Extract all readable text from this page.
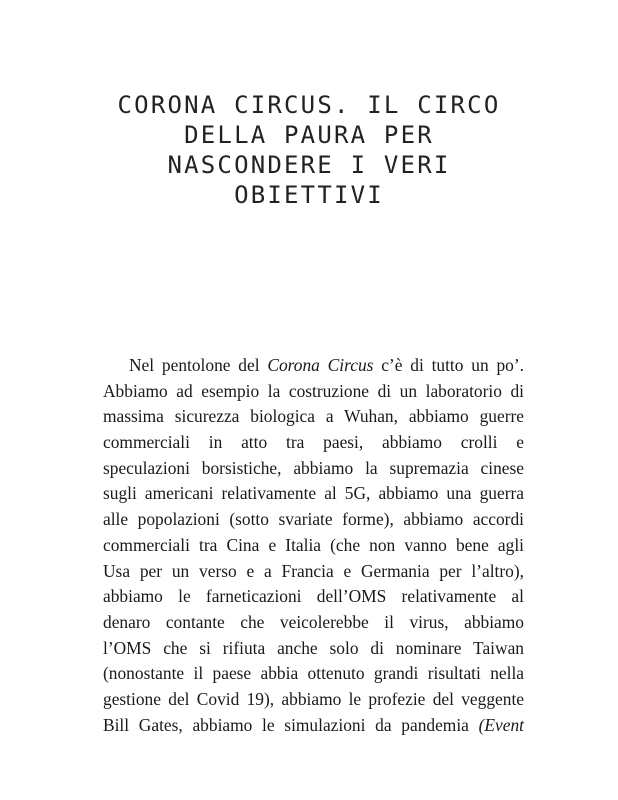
CORONA CIRCUS. IL CIRCO
DELLA PAURA PER
NASCONDERE I VERI
OBIETTIVI
Nel pentolone del Corona Circus c’è di tutto un po’.
Abbiamo ad esempio la costruzione di un laboratorio di
massima sicurezza biologica a Wuhan, abbiamo guerre
commerciali in atto tra paesi, abbiamo crolli e
speculazioni borsistiche, abbiamo la supremazia cinese
sugli americani relativamente al 5G, abbiamo una guerra
alle popolazioni (sotto svariate forme), abbiamo accordi
commerciali tra Cina e Italia (che non vanno bene agli
Usa per un verso e a Francia e Germania per l’altro),
abbiamo le farneticazioni dell’OMS relativamente al
denaro contante che veicolerebbe il virus, abbiamo
l’OMS che si rifiuta anche solo di nominare Taiwan
(nonostante il paese abbia ottenuto grandi risultati nella
gestione del Covid 19), abbiamo le profezie del veggente
Bill Gates, abbiamo le simulazioni da pandemia (Event
